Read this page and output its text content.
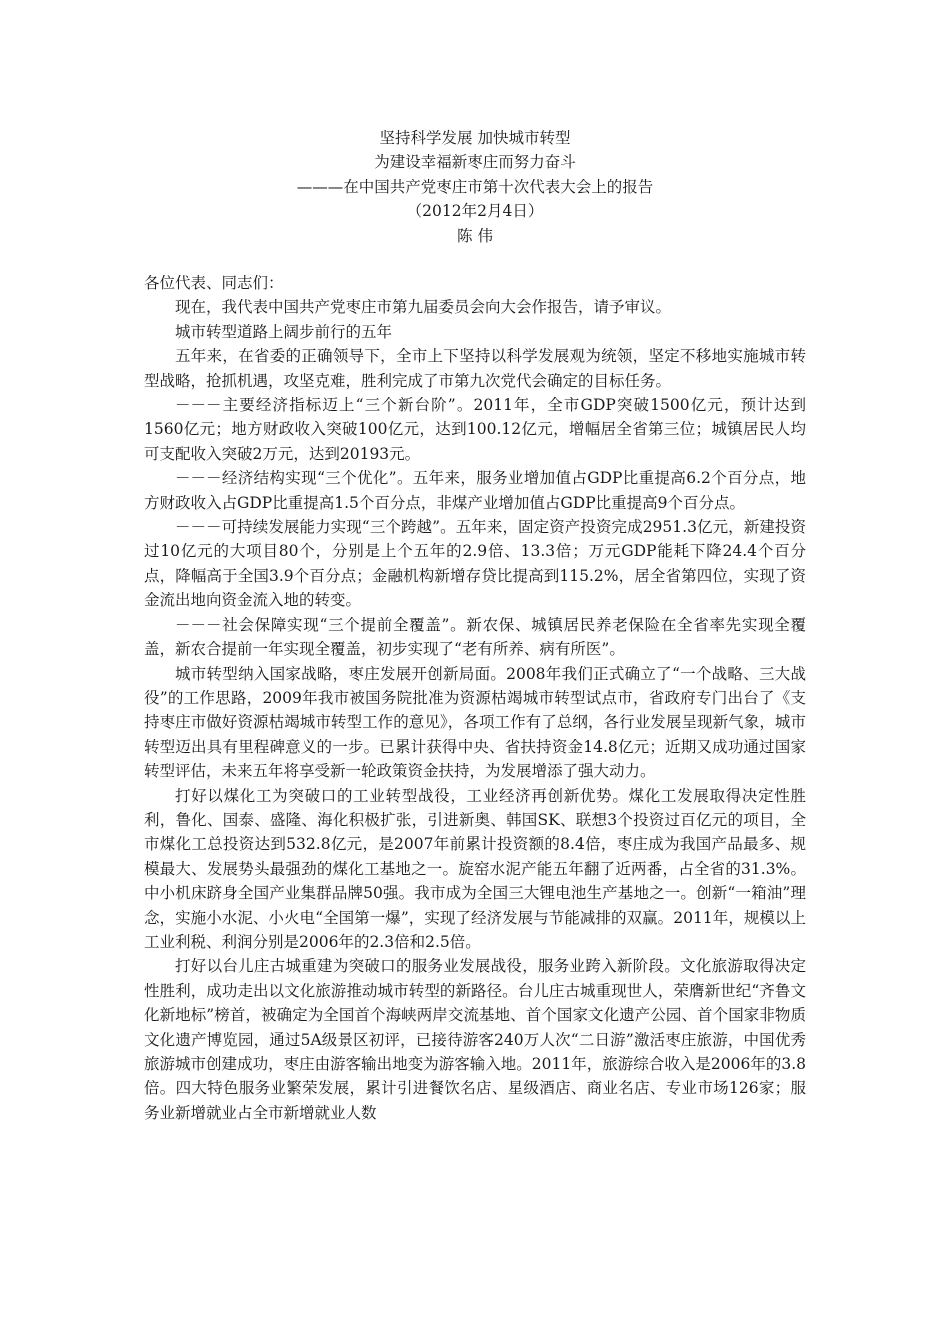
坚持科学发展 加快城市转型
为建设幸福新枣庄而努力奋斗
———在中国共产党枣庄市第十次代表大会上的报告
（2012年2月4日）
陈 伟

各位代表、同志们：

现在，我代表中国共产党枣庄市第九届委员会向大会作报告，请予审议。

城市转型道路上阔步前行的五年

五年来，在省委的正确领导下，全市上下坚持以科学发展观为统领，坚定不移地实施城市转型战略，抢抓机遇，攻坚克难，胜利完成了市第九次党代会确定的目标任务。

－－－主要经济指标迈上“三个新台阶”。2011年，全市GDP突破1500亿元，预计达到1560亿元；地方财政收入突破100亿元，达到100.12亿元，增幅居全省第三位；城镇居民人均可支配收入突破2万元，达到20193元。

－－－经济结构实现“三个优化”。五年来，服务业增加值占GDP比重提高6.2个百分点，地方财政收入占GDP比重提高1.5个百分点，非煤产业增加值占GDP比重提高9个百分点。

－－－可持续发展能力实现“三个跨越”。五年来，固定资产投资完成2951.3亿元，新建投资过10亿元的大项目80个，分别是上个五年的2.9倍、13.3倍；万元GDP能耗下降24.4个百分点，降幅高于全国3.9个百分点；金融机构新增存贷比提高到115.2%，居全省第四位，实现了资金流出地向资金流入地的转变。

－－－社会保障实现“三个提前全覆盖”。新农保、城镇居民养老保险在全省率先实现全覆盖，新农合提前一年实现全覆盖，初步实现了“老有所养、病有所医”。

城市转型纳入国家战略，枣庄发展开创新局面。2008年我们正式确立了“一个战略、三大战役”的工作思路，2009年我市被国务院批准为资源枯竭城市转型试点市，省政府专门出台了《支持枣庄市做好资源枯竭城市转型工作的意见》，各项工作有了总纲，各行业发展呈现新气象，城市转型迈出具有里程碑意义的一步。已累计获得中央、省扶持资金14.8亿元；近期又成功通过国家转型评估，未来五年将享受新一轮政策资金扶持，为发展增添了强大动力。

打好以煤化工为突破口的工业转型战役，工业经济再创新优势。煤化工发展取得决定性胜利，鲁化、国泰、盛隆、海化积极扩张，引进新奥、韩国SK、联想3个投资过百亿元的项目，全市煤化工总投资达到532.8亿元，是2007年前累计投资额的8.4倍，枣庄成为我国产品最多、规模最大、发展势头最强劲的煤化工基地之一。旋窑水泥产能五年翻了近两番，占全省的31.3%。中小机床跻身全国产业集群品牌50强。我市成为全国三大锂电池生产基地之一。创新“一箱油”理念，实施小水泥、小火电“全国第一爆”，实现了经济发展与节能减排的双赢。2011年，规模以上工业利税、利润分别是2006年的2.3倍和2.5倍。

打好以台儿庄古城重建为突破口的服务业发展战役，服务业跨入新阶段。文化旅游取得决定性胜利，成功走出以文化旅游推动城市转型的新路径。台儿庄古城重现世人，荣膺新世纪“齐鲁文化新地标”榜首，被确定为全国首个海峡两岸交流基地、首个国家文化遗产公园、首个国家非物质文化遗产博览园，通过5A级景区初评，已接待游客240万人次“二日游”激活枣庄旅游，中国优秀旅游城市创建成功，枣庄由游客输出地变为游客输入地。2011年，旅游综合收入是2006年的3.8倍。四大特色服务业繁荣发展，累计引进餐饮名店、星级酒店、商业名店、专业市场126家；服务业新增就业占全市新增就业人数
